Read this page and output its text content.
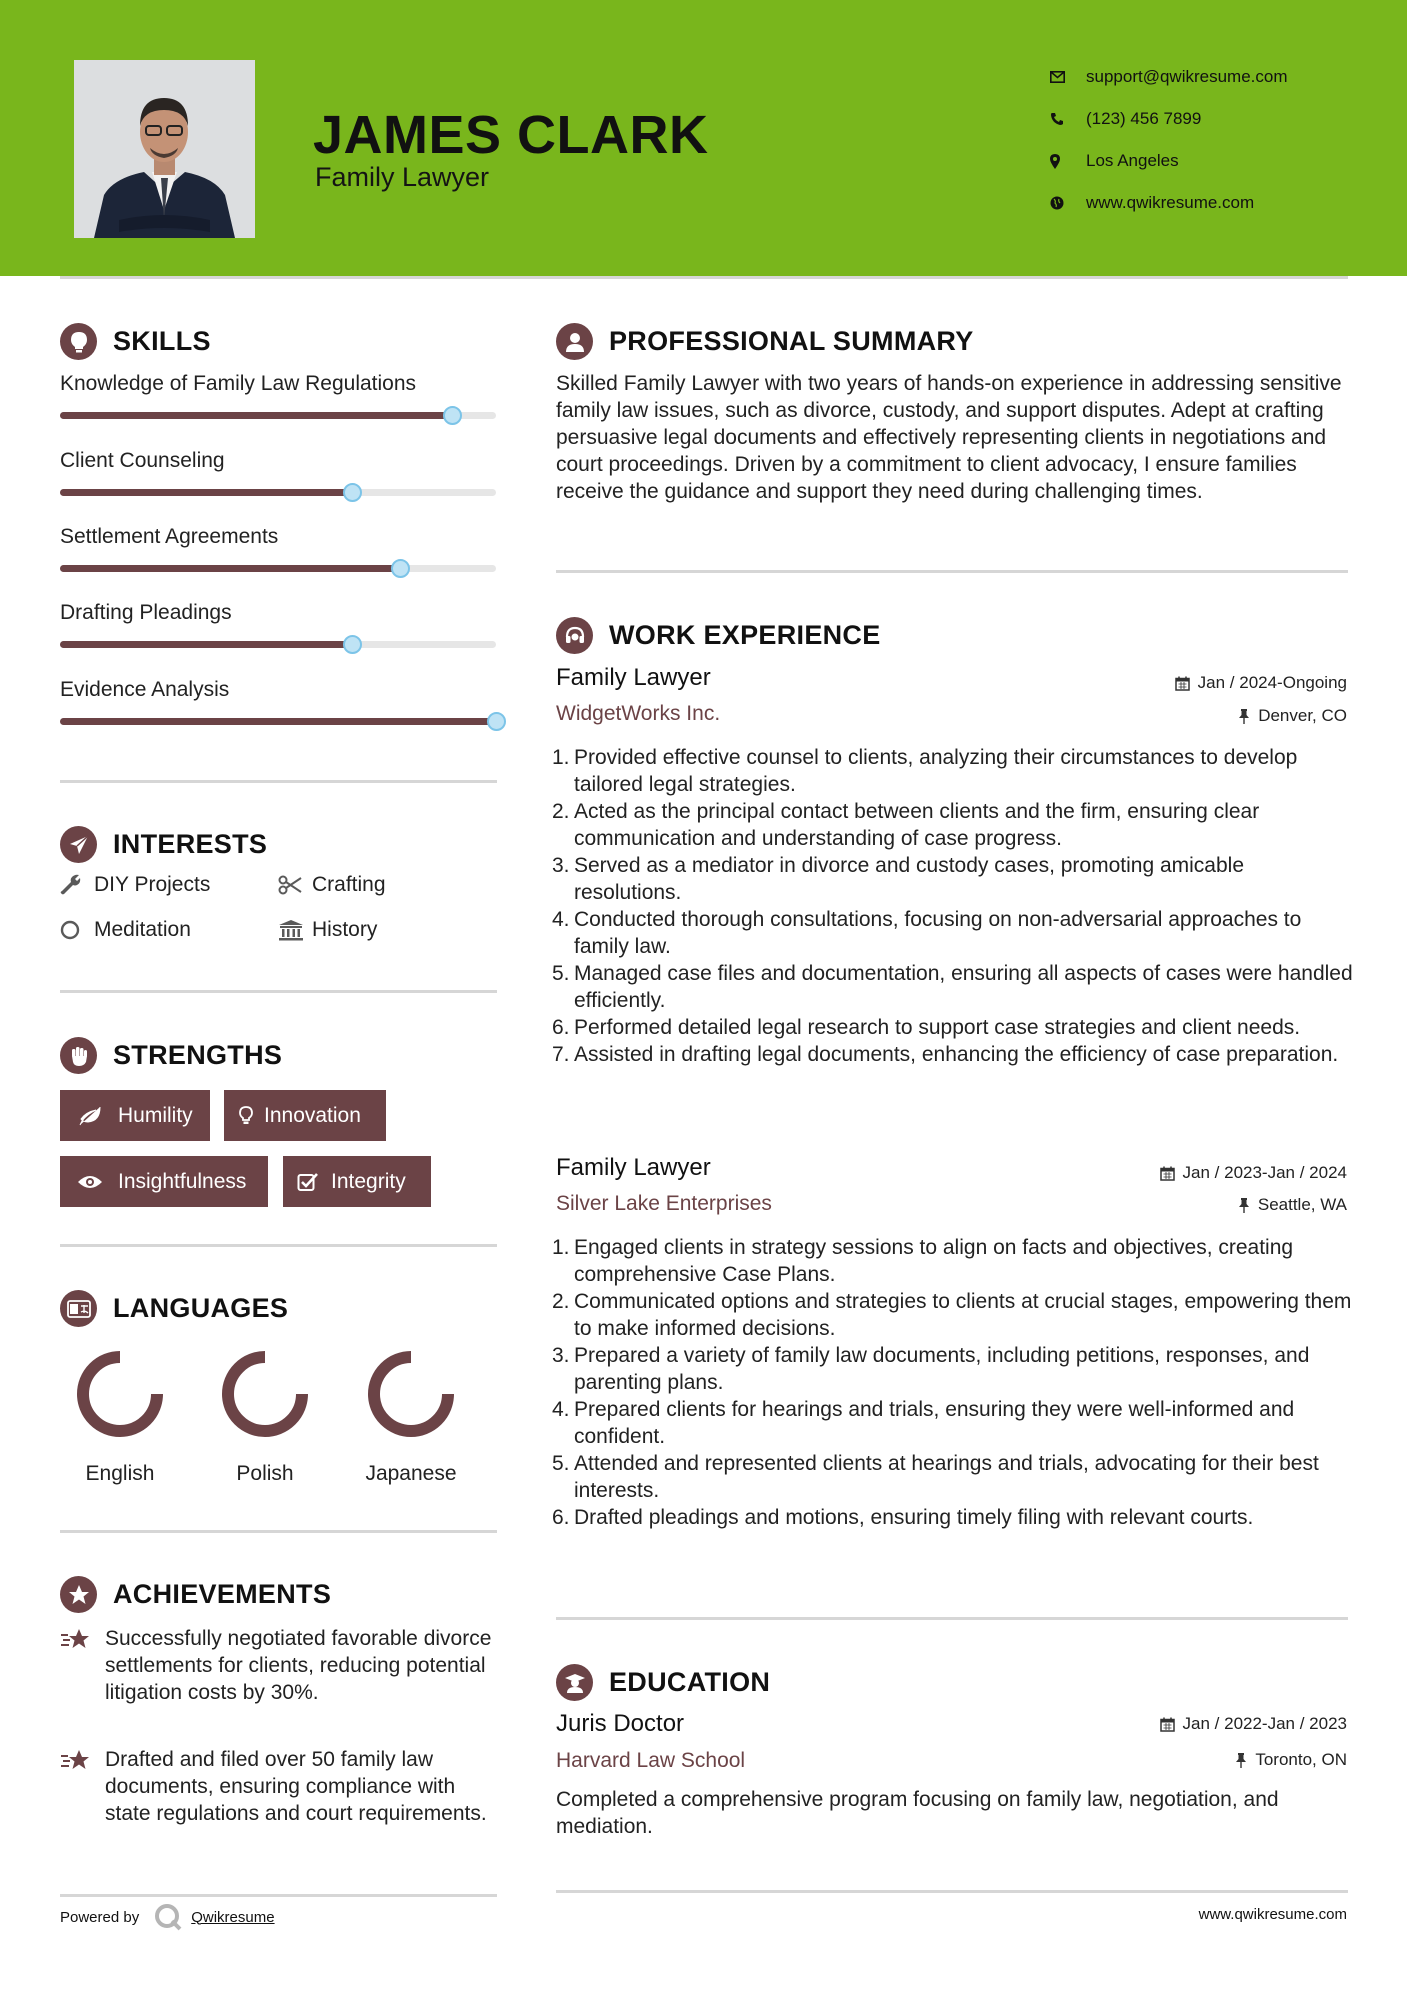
JAMES CLARK
Family Lawyer
support@qwikresume.com
(123) 456 7899
Los Angeles
www.qwikresume.com
SKILLS
Knowledge of Family Law Regulations
Client Counseling
Settlement Agreements
Drafting Pleadings
Evidence Analysis
INTERESTS
DIY Projects	Crafting
Meditation	History
STRENGTHS
Humility	Innovation
Insightfulness	Integrity
LANGUAGES
English	Polish	Japanese
ACHIEVEMENTS
Successfully negotiated favorable divorce settlements for clients, reducing potential litigation costs by 30%.
Drafted and filed over 50 family law documents, ensuring compliance with state regulations and court requirements.
PROFESSIONAL SUMMARY
Skilled Family Lawyer with two years of hands-on experience in addressing sensitive family law issues, such as divorce, custody, and support disputes. Adept at crafting persuasive legal documents and effectively representing clients in negotiations and court proceedings. Driven by a commitment to client advocacy, I ensure families receive the guidance and support they need during challenging times.
WORK EXPERIENCE
Family Lawyer	Jan / 2024-Ongoing
WidgetWorks Inc.	Denver, CO
1. Provided effective counsel to clients, analyzing their circumstances to develop tailored legal strategies.
2. Acted as the principal contact between clients and the firm, ensuring clear communication and understanding of case progress.
3. Served as a mediator in divorce and custody cases, promoting amicable resolutions.
4. Conducted thorough consultations, focusing on non-adversarial approaches to family law.
5. Managed case files and documentation, ensuring all aspects of cases were handled efficiently.
6. Performed detailed legal research to support case strategies and client needs.
7. Assisted in drafting legal documents, enhancing the efficiency of case preparation.
Family Lawyer	Jan / 2023-Jan / 2024
Silver Lake Enterprises	Seattle, WA
1. Engaged clients in strategy sessions to align on facts and objectives, creating comprehensive Case Plans.
2. Communicated options and strategies to clients at crucial stages, empowering them to make informed decisions.
3. Prepared a variety of family law documents, including petitions, responses, and parenting plans.
4. Prepared clients for hearings and trials, ensuring they were well-informed and confident.
5. Attended and represented clients at hearings and trials, advocating for their best interests.
6. Drafted pleadings and motions, ensuring timely filing with relevant courts.
EDUCATION
Juris Doctor	Jan / 2022-Jan / 2023
Harvard Law School	Toronto, ON
Completed a comprehensive program focusing on family law, negotiation, and mediation.
Powered by	Qwikresume	www.qwikresume.com
